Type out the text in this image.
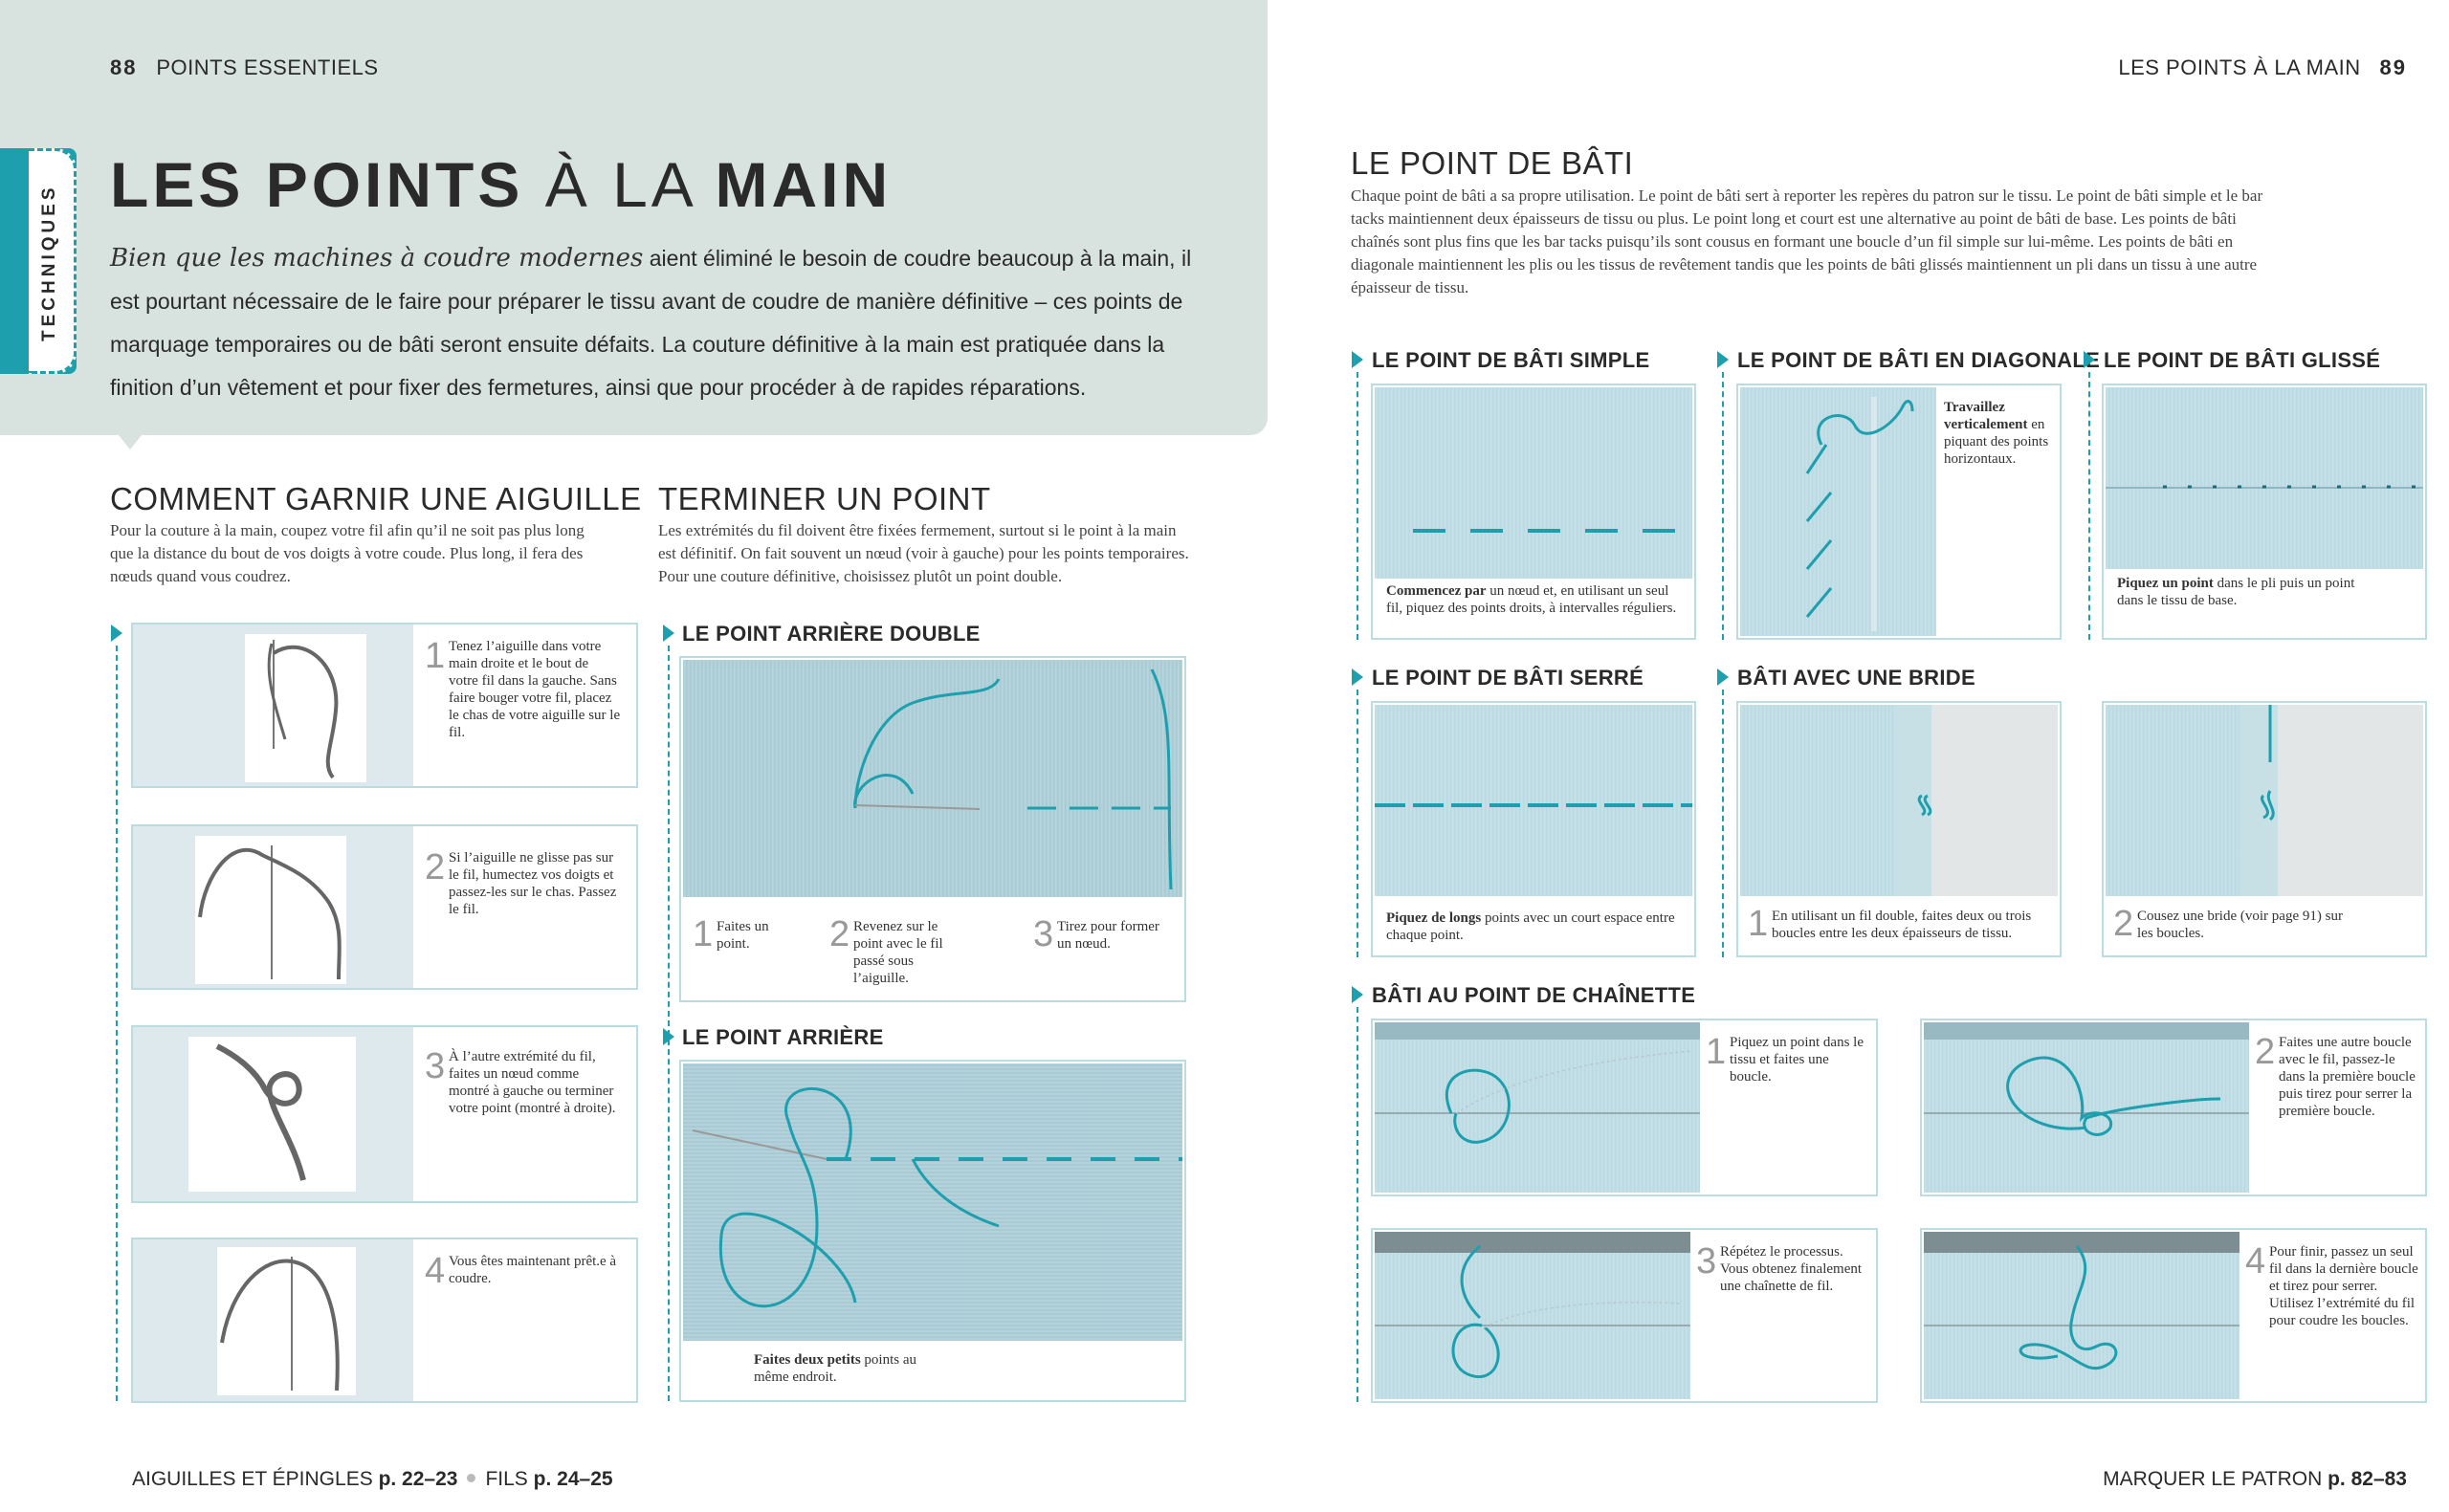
88 POINTS ESSENTIELS
TECHNIQUES LES POINTS À LA MAIN
Bien que les machines à coudre modernes aient éliminé le besoin de coudre beaucoup à la main, il est pourtant nécessaire de le faire pour préparer le tissu avant de coudre de manière définitive – ces points de marquage temporaires ou de bâti seront ensuite défaits. La couture définitive à la main est pratiquée dans la finition d’un vêtement et pour fixer des fermetures, ainsi que pour procéder à de rapides réparations.
COMMENT GARNIR UNE AIGUILLE
Pour la couture à la main, coupez votre fil afin qu’il ne soit pas plus long que la distance du bout de vos doigts à votre coude. Plus long, il fera des nœuds quand vous coudrez.
1 Tenez l’aiguille dans votre main droite et le bout de votre fil dans la gauche. Sans faire bouger votre fil, placez le chas de votre aiguille sur le fil.
2 Si l’aiguille ne glisse pas sur le fil, humectez vos doigts et passez-les sur le chas. Passez le fil.
3 À l’autre extrémité du fil, faites un nœud comme montré à gauche ou terminer votre point (montré à droite).
4 Vous êtes maintenant prêt.e à coudre.
TERMINER UN POINT
Les extrémités du fil doivent être fixées fermement, surtout si le point à la main est définitif. On fait souvent un nœud (voir à gauche) pour les points temporaires. Pour une couture définitive, choisissez plutôt un point double.
LE POINT ARRIÈRE DOUBLE
1 Faites un point.	2 Revenez sur le point avec le fil passé sous l’aiguille.
3 Tirez pour former un nœud.
LE POINT ARRIÈRE
Faites deux petits points au même endroit.
AIGUILLES ET ÉPINGLES p. 22–23 FILS p. 24–25
LES POINTS À LA MAIN 89
LE POINT DE BÂTI
Chaque point de bâti a sa propre utilisation. Le point de bâti sert à reporter les repères du patron sur le tissu. Le point de bâti simple et le bar tacks maintiennent deux épaisseurs de tissu ou plus. Le point long et court est une alternative au point de bâti de base. Les points de bâti chaînés sont plus fins que les bar tacks puisqu’ils sont cousus en formant une boucle d’un fil simple sur lui-même. Les points de bâti en diagonale maintiennent les plis ou les tissus de revêtement tandis que les points de bâti glissés maintiennent un pli dans un tissu à une autre épaisseur de tissu.
LE POINT DE BÂTI SIMPLE
Commencez par un nœud et, en utilisant un seul fil, piquez des points droits, à intervalles réguliers.
LE POINT DE BÂTI EN DIAGONALE
Travaillez verticalement en piquant des points horizontaux.
LE POINT DE BÂTI GLISSÉ
Piquez un point dans le pli puis un point dans le tissu de base.
LE POINT DE BÂTI SERRÉ
Piquez de longs points avec un court espace entre chaque point.
BÂTI AVEC UNE BRIDE
1 En utilisant un fil double, faites deux ou trois boucles entre les deux épaisseurs de tissu.	2 Cousez une bride (voir page 91) sur les boucles.
BÂTI AU POINT DE CHAÎNETTE
1 Piquez un point dans le tissu et faites une boucle.
2 Faites une autre boucle avec le fil, passez-le dans la première boucle puis tirez pour serrer la première boucle.
3 Répétez le processus. Vous obtenez finalement une chaînette de fil.
4 Pour finir, passez un seul fil dans la dernière boucle et tirez pour serrer. Utilisez l’extrémité du fil pour coudre les boucles.
MARQUER LE PATRON p. 82–83
